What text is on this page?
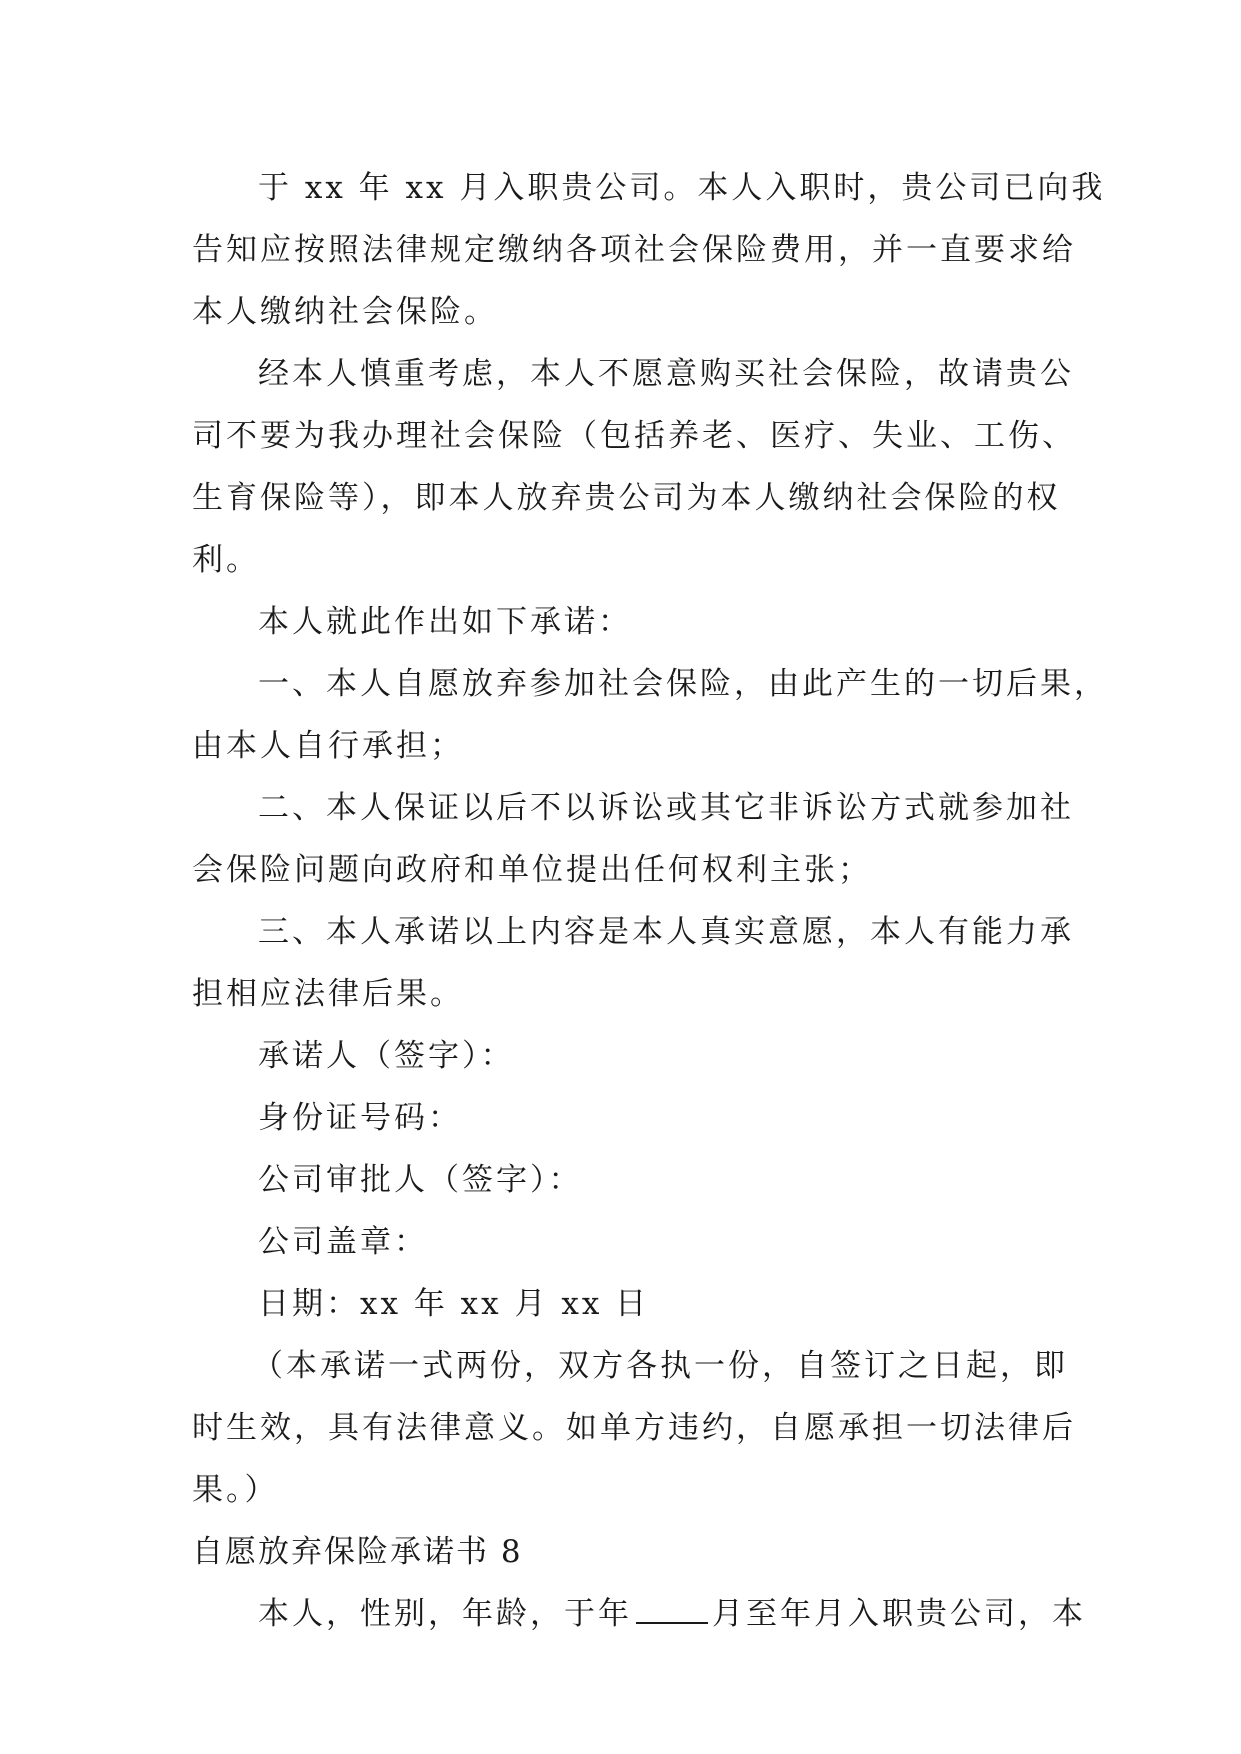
于 xx 年 xx 月入职贵公司。本人入职时，贵公司已向我
告知应按照法律规定缴纳各项社会保险费用，并一直要求给
本人缴纳社会保险。
经本人慎重考虑，本人不愿意购买社会保险，故请贵公
司不要为我办理社会保险（包括养老、医疗、失业、工伤、
生育保险等），即本人放弃贵公司为本人缴纳社会保险的权
利。
本人就此作出如下承诺：
一、本人自愿放弃参加社会保险，由此产生的一切后果，
由本人自行承担；
二、本人保证以后不以诉讼或其它非诉讼方式就参加社
会保险问题向政府和单位提出任何权利主张；
三、本人承诺以上内容是本人真实意愿，本人有能力承
担相应法律后果。
承诺人（签字）：
身份证号码：
公司审批人（签字）：
公司盖章：
日期：xx 年 xx 月 xx 日
（本承诺一式两份，双方各执一份，自签订之日起，即
时生效，具有法律意义。如单方违约，自愿承担一切法律后
果。）
自愿放弃保险承诺书 8
本人，性别，年龄，于年	月至年月入职贵公司，本
